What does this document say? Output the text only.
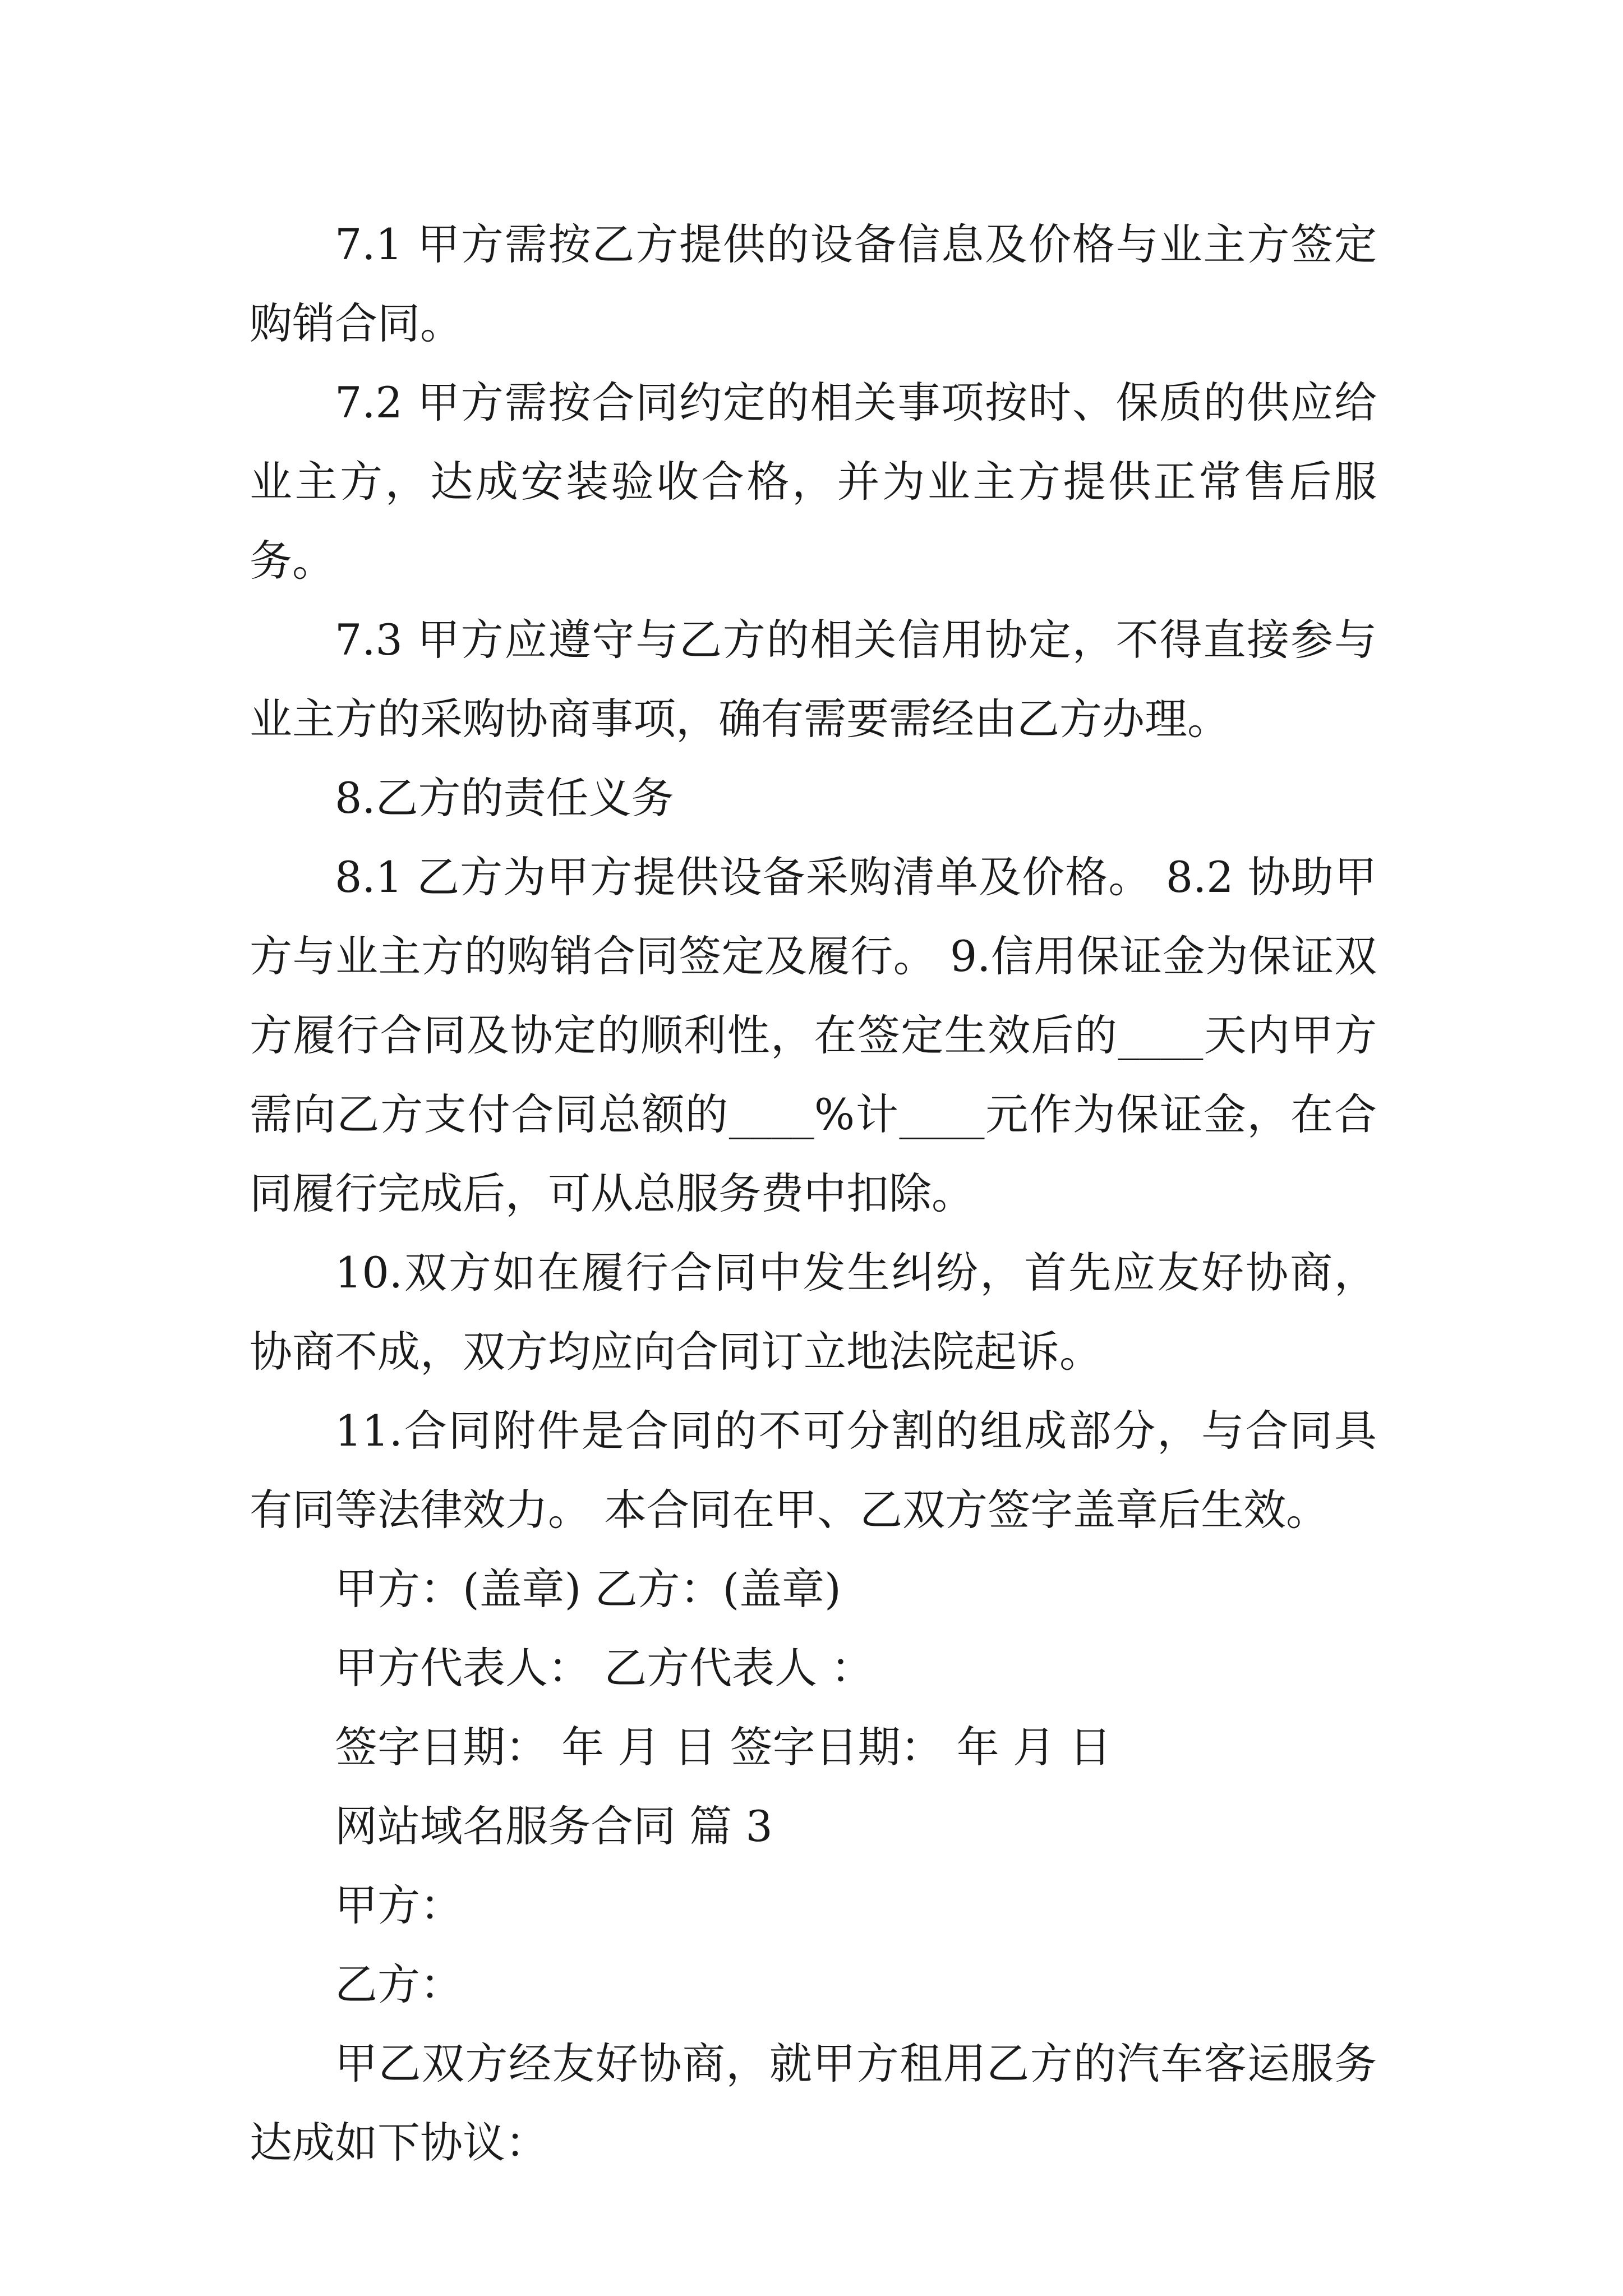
7.1 甲方需按乙方提供的设备信息及价格与业主方签定购销合同。

7.2 甲方需按合同约定的相关事项按时、保质的供应给业主方，达成安装验收合格，并为业主方提供正常售后服务。

7.3 甲方应遵守与乙方的相关信用协定，不得直接参与业主方的采购协商事项，确有需要需经由乙方办理。

8.乙方的责任义务

8.1 乙方为甲方提供设备采购清单及价格。 8.2 协助甲方与业主方的购销合同签定及履行。 9.信用保证金为保证双方履行合同及协定的顺利性，在签定生效后的____天内甲方需向乙方支付合同总额的____%计____元作为保证金，在合同履行完成后，可从总服务费中扣除。

10.双方如在履行合同中发生纠纷，首先应友好协商，协商不成，双方均应向合同订立地法院起诉。

11.合同附件是合同的不可分割的组成部分，与合同具有同等法律效力。 本合同在甲、乙双方签字盖章后生效。

甲方：(盖章) 乙方：(盖章)

甲方代表人： 乙方代表人 ：

签字日期： 年 月 日 签字日期： 年 月 日

网站域名服务合同 篇 3

甲方：

乙方：

甲乙双方经友好协商，就甲方租用乙方的汽车客运服务达成如下协议：
